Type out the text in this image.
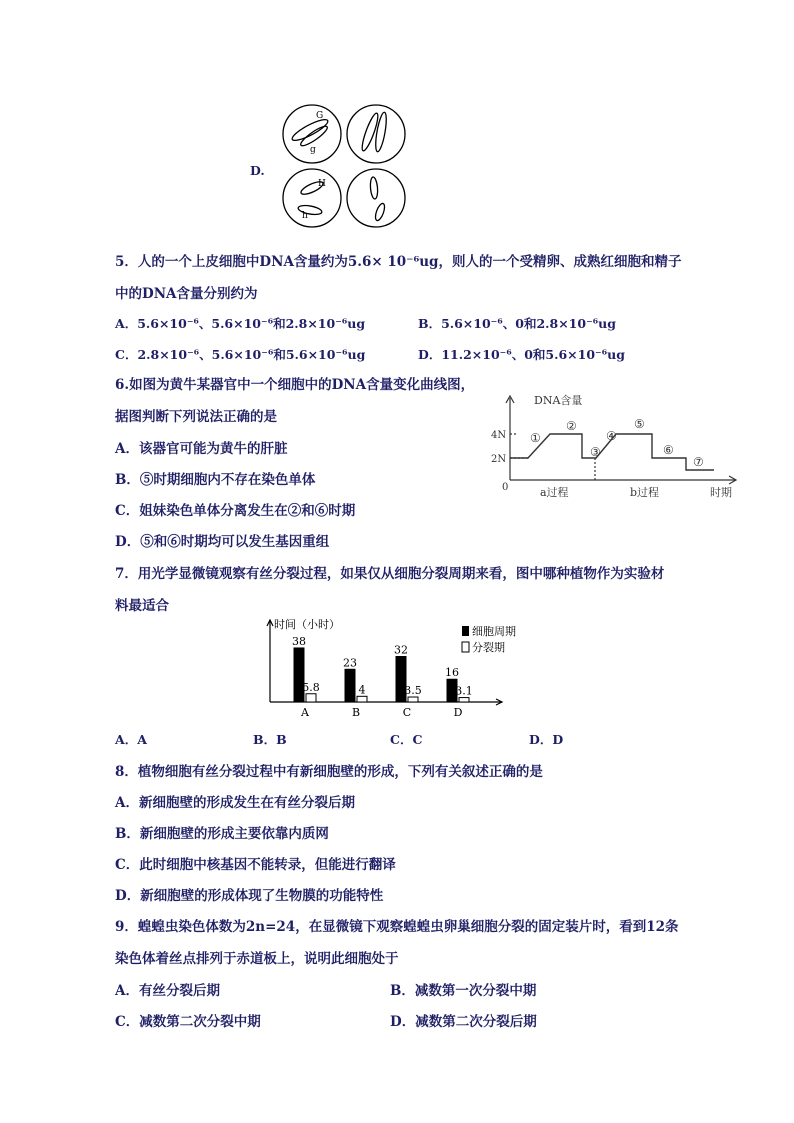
D.
G
g
H
h
5．人的一个上皮细胞中DNA含量约为5.6× 10⁻⁶ug，则人的一个受精卵、成熟红细胞和精子
中的DNA含量分别约为
A．5.6×10⁻⁶、5.6×10⁻⁶和2.8×10⁻⁶ug	B．5.6×10⁻⁶、0和2.8×10⁻⁶ug
C．2.8×10⁻⁶、5.6×10⁻⁶和5.6×10⁻⁶ug	D．11.2×10⁻⁶、0和5.6×10⁻⁶ug
6.如图为黄牛某器官中一个细胞中的DNA含量变化曲线图，
据图判断下列说法正确的是
A．该器官可能为黄牛的肝脏
B．⑤时期细胞内不存在染色单体
C．姐妹染色单体分离发生在②和⑥时期
D．⑤和⑥时期均可以发生基因重组
DNA含量
4N
2N
0	a过程	b过程	时期
①
②
③
④
⑤
⑥
⑦
7．用光学显微镜观察有丝分裂过程，如果仅从细胞分裂周期来看，图中哪种植物作为实验材
料最适合
时间（小时）
38
5.8
A
23
4
B
32
3.5
C
16
3.1
D
细胞周期
分裂期
A．A	B．B	C．C	D．D
8．植物细胞有丝分裂过程中有新细胞壁的形成，下列有关叙述正确的是
A．新细胞壁的形成发生在有丝分裂后期
B．新细胞壁的形成主要依靠内质网
C．此时细胞中核基因不能转录，但能进行翻译
D．新细胞壁的形成体现了生物膜的功能特性
9．蝗蝗虫染色体数为2n=24，在显微镜下观察蝗蝗虫卵巢细胞分裂的固定装片时，看到12条
染色体着丝点排列于赤道板上，说明此细胞处于
A．有丝分裂后期	B．减数第一次分裂中期
C．减数第二次分裂中期	D．减数第二次分裂后期
